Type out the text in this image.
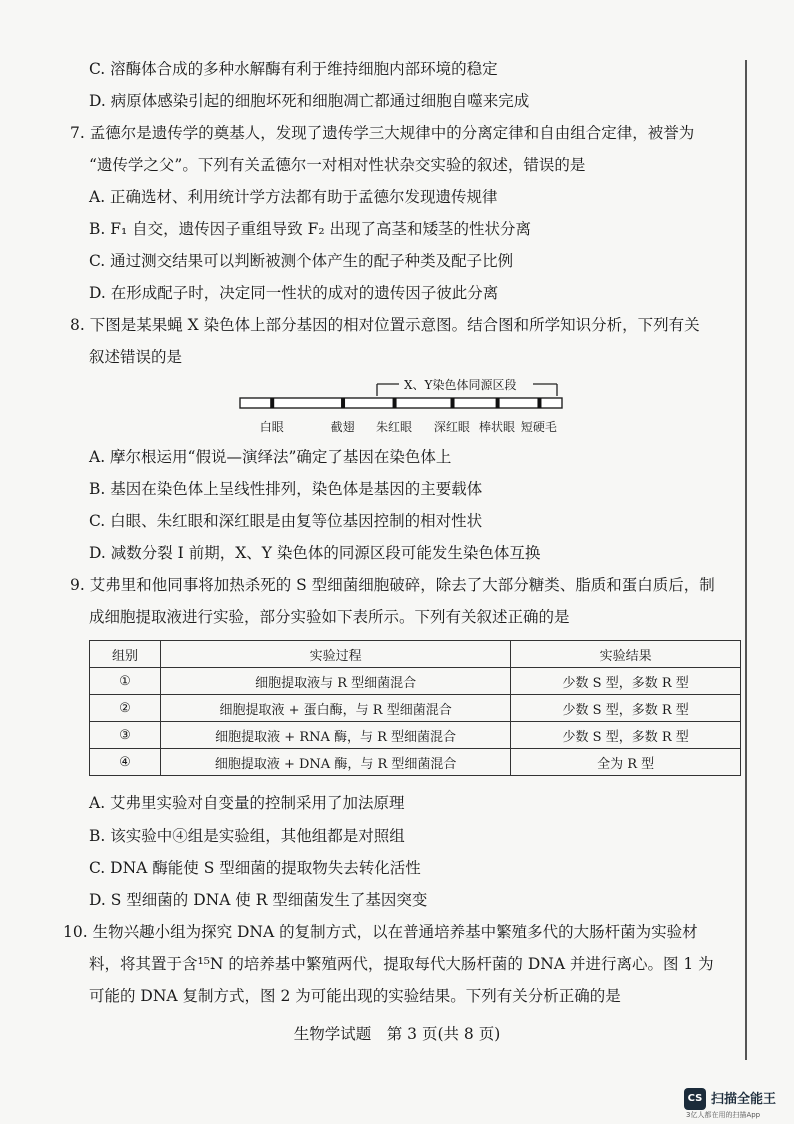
C. 溶酶体合成的多种水解酶有利于维持细胞内部环境的稳定
D. 病原体感染引起的细胞坏死和细胞凋亡都通过细胞自噬来完成
7. 孟德尔是遗传学的奠基人，发现了遗传学三大规律中的分离定律和自由组合定律，被誉为
“遗传学之父”。下列有关孟德尔一对相对性状杂交实验的叙述，错误的是
A. 正确选材、利用统计学方法都有助于孟德尔发现遗传规律
B. F₁ 自交，遗传因子重组导致 F₂ 出现了高茎和矮茎的性状分离
C. 通过测交结果可以判断被测个体产生的配子种类及配子比例
D. 在形成配子时，决定同一性状的成对的遗传因子彼此分离
8. 下图是某果蝇 X 染色体上部分基因的相对位置示意图。结合图和所学知识分析，下列有关
叙述错误的是
X、Y染色体同源区段
白眼	截翅 朱红眼 深红眼 棒状眼 短硬毛
A. 摩尔根运用“假说—演绎法”确定了基因在染色体上
B. 基因在染色体上呈线性排列，染色体是基因的主要载体
C. 白眼、朱红眼和深红眼是由复等位基因控制的相对性状
D. 减数分裂 Ⅰ 前期，X、Y 染色体的同源区段可能发生染色体互换
9. 艾弗里和他同事将加热杀死的 S 型细菌细胞破碎，除去了大部分糖类、脂质和蛋白质后，制
成细胞提取液进行实验，部分实验如下表所示。下列有关叙述正确的是
组别	实验过程	实验结果
①	细胞提取液与 R 型细菌混合	少数 S 型，多数 R 型
②	细胞提取液 + 蛋白酶，与 R 型细菌混合	少数 S 型，多数 R 型
③	细胞提取液 + RNA 酶，与 R 型细菌混合	少数 S 型，多数 R 型
④	细胞提取液 + DNA 酶，与 R 型细菌混合	全为 R 型
A. 艾弗里实验对自变量的控制采用了加法原理
B. 该实验中④组是实验组，其他组都是对照组
C. DNA 酶能使 S 型细菌的提取物失去转化活性
D. S 型细菌的 DNA 使 R 型细菌发生了基因突变
10. 生物兴趣小组为探究 DNA 的复制方式，以在普通培养基中繁殖多代的大肠杆菌为实验材
料，将其置于含¹⁵N 的培养基中繁殖两代，提取每代大肠杆菌的 DNA 并进行离心。图 1 为
可能的 DNA 复制方式，图 2 为可能出现的实验结果。下列有关分析正确的是
生物学试题　第 3 页(共 8 页)
CS 扫描全能王
3亿人都在用的扫描App
